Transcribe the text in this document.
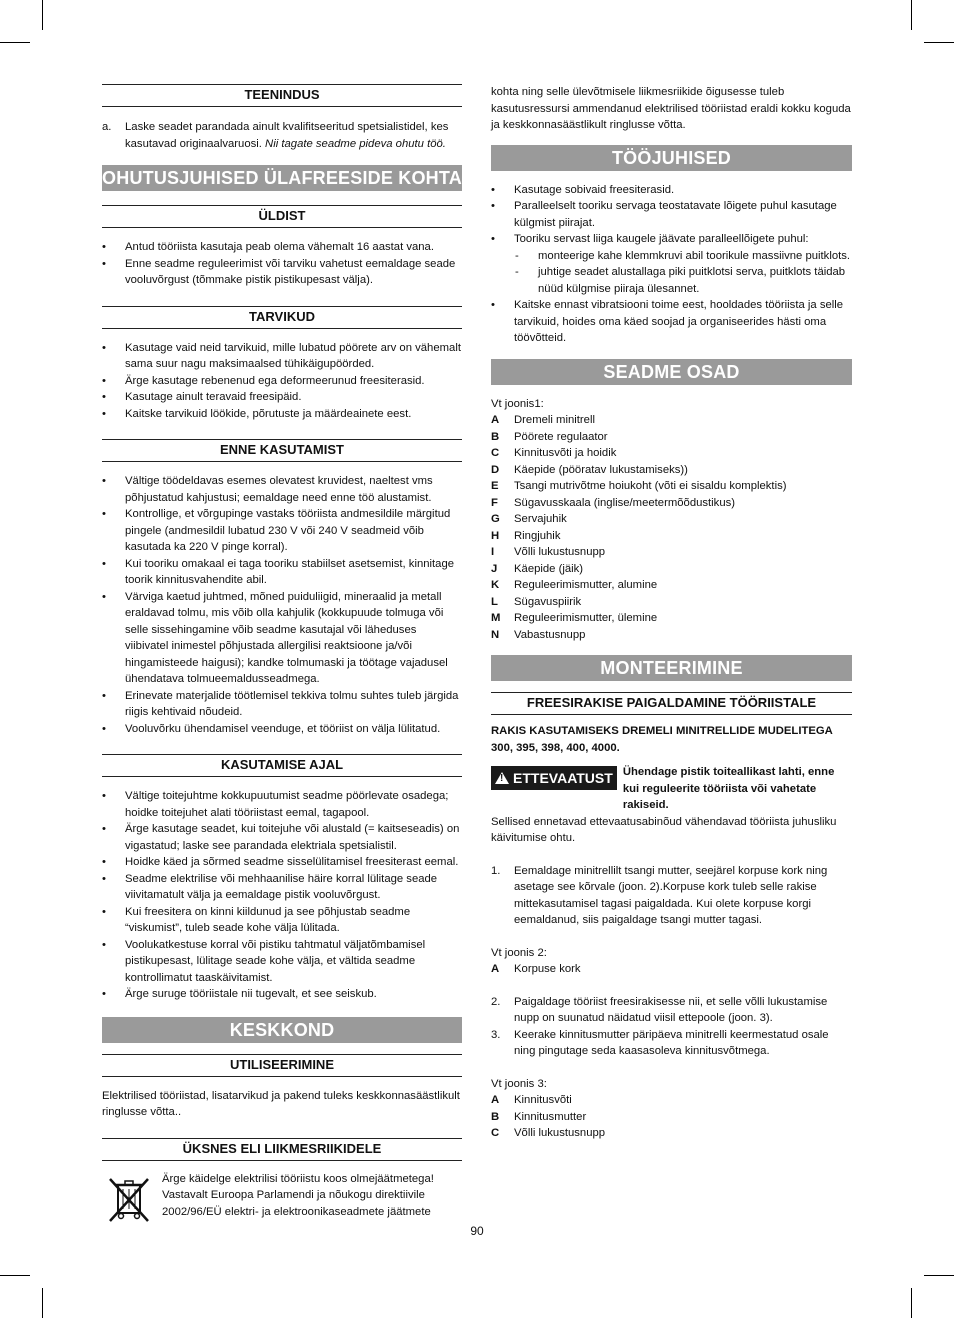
TEENINDUS
a.	Laske seadet parandada ainult kvalifitseeritud spetsialistidel, kes kasutavad originaalvaruosi. Nii tagate seadme pideva ohutu töö.
OHUTUSJUHISED ÜLAFREESIDE KOHTA
ÜLDIST
• Antud tööriista kasutaja peab olema vähemalt 16 aastat vana.
• Enne seadme reguleerimist või tarviku vahetust eemaldage seade vooluvõrgust (tõmmake pistik pistikupesast välja).
TARVIKUD
• Kasutage vaid neid tarvikuid, mille lubatud pöörete arv on vähemalt sama suur nagu maksimaalsed tühikäigupöörded.
• Ärge kasutage rebenenud ega deformeerunud freesiterasid.
• Kasutage ainult teravaid freesipäid.
• Kaitske tarvikuid löökide, põrutuste ja määrdeainete eest.
ENNE KASUTAMIST
• Vältige töödeldavas esemes olevatest kruvidest, naeltest vms põhjustatud kahjustusi; eemaldage need enne töö alustamist.
• Kontrollige, et võrgupinge vastaks tööriista andmesildile märgitud pingele (andmesildil lubatud 230 V või 240 V seadmeid võib kasutada ka 220 V pinge korral).
• Kui tooriku omakaal ei taga tooriku stabiilset asetsemist, kinnitage toorik kinnitusvahendite abil.
• Värviga kaetud juhtmed, mõned puiduliigid, mineraalid ja metall eraldavad tolmu, mis võib olla kahjulik (kokkupuude tolmuga või selle sissehingamine võib seadme kasutajal või läheduses viibivatel inimestel põhjustada allergilisi reaktsioone ja/või hingamisteede haigusi); kandke tolmumaski ja töötage vajadusel ühendatava tolmueemaldusseadmega.
• Erinevate materjalide töötlemisel tekkiva tolmu suhtes tuleb järgida riigis kehtivaid nõudeid.
• Vooluvõrku ühendamisel veenduge, et tööriist on välja lülitatud.
KASUTAMISE AJAL
• Vältige toitejuhtme kokkupuutumist seadme pöörlevate osadega; hoidke toitejuhet alati tööriistast eemal, tagapool.
• Ärge kasutage seadet, kui toitejuhe või alustald (= kaitseseadis) on vigastatud; laske see parandada elektriala spetsialistil.
• Hoidke käed ja sõrmed seadme sisselülitamisel freesiterast eemal.
• Seadme elektrilise või mehhaanilise häire korral lülitage seade viivitamatult välja ja eemaldage pistik vooluvõrgust.
• Kui freesitera on kinni kiildunud ja see põhjustab seadme “viskumist”, tuleb seade kohe välja lülitada.
• Voolukatkestuse korral või pistiku tahtmatul väljatõmbamisel pistikupesast, lülitage seade kohe välja, et vältida seadme kontrollimatut taaskäivitamist.
• Ärge suruge tööriistale nii tugevalt, et see seiskub.
KESKKOND
UTILISEERIMINE

Elektrilised tööriistad, lisatarvikud ja pakend tuleks keskkonnasäästlikult ringlusse võtta..

ÜKSNES ELI LIIKMESRIIKIDELE

Ärge käidelge elektrilisi tööriistu koos olmejäätmetega! Vastavalt Euroopa Parlamendi ja nõukogu direktiivile 2002/96/EÜ elektri- ja elektroonikaseadmete jäätmete

kohta ning selle ülevõtmisele liikmesriikide õigusesse tuleb kasutusressursi ammendanud elektrilised tööriistad eraldi kokku koguda ja keskkonnasäästlikult ringlusse võtta.

TÖÖJUHISED
• Kasutage sobivaid freesiterasid.
• Paralleelselt tooriku servaga teostatavate lõigete puhul kasutage külgmist piirajat.
• Tooriku servast liiga kaugele jäävate paralleellõigete puhul:
- monteerige kahe klemmkruvi abil toorikule massiivne puitklots.
- juhtige seadet alustallaga piki puitklotsi serva, puitklots täidab nüüd külgmise piiraja ülesannet.
• Kaitske ennast vibratsiooni toime eest, hooldades tööriista ja selle tarvikuid, hoides oma käed soojad ja organiseerides hästi oma töövõtteid.
SEADME OSAD

Vt joonis1:

A	Dremeli minitrell
B	Pöörete regulaator
C	Kinnitusvõti ja hoidik
D	Käepide (pööratav lukustamiseks))
E	Tsangi mutrivõtme hoiukoht (võti ei sisaldu komplektis)
F	Sügavusskaala (inglise/meetermõõdustikus)
G	Servajuhik
H	Ringjuhik
I	Võlli lukustusnupp
J	Käepide (jäik)
K	Reguleerimismutter, alumine
L	Sügavuspiirik
M	Reguleerimismutter, ülemine
N	Vabastusnupp
MONTEERIMINE
FREESIRAKISE PAIGALDAMINE TÖÖRIISTALE

RAKIS KASUTAMISEKS DREMELI MINITRELLIDE MUDELITEGA 300, 395, 398, 400, 4000.

! ETTEVAATUST Ühendage pistik toiteallikast lahti, enne kui reguleerite tööriista või vahetate rakiseid.

Sellised ennetavad ettevaatusabinõud vähendavad tööriista juhusliku käivitumise ohtu.

1.	Eemaldage minitrellilt tsangi mutter, seejärel korpuse kork ning asetage see kõrvale (joon. 2).Korpuse kork tuleb selle rakise mittekasutamisel tagasi paigaldada. Kui olete korpuse korgi eemaldanud, siis paigaldage tsangi mutter tagasi.

Vt joonis 2:

A	Korpuse kork
2.	Paigaldage tööriist freesirakisesse nii, et selle võlli lukustamise nupp on suunatud näidatud viisil ettepoole (joon. 3).
3.	Keerake kinnitusmutter päripäeva minitrelli keermestatud osale ning pingutage seda kaasasoleva kinnitusvõtmega.

Vt joonis 3:

A	Kinnitusvõti
B	Kinnitusmutter
C	Võlli lukustusnupp
90
